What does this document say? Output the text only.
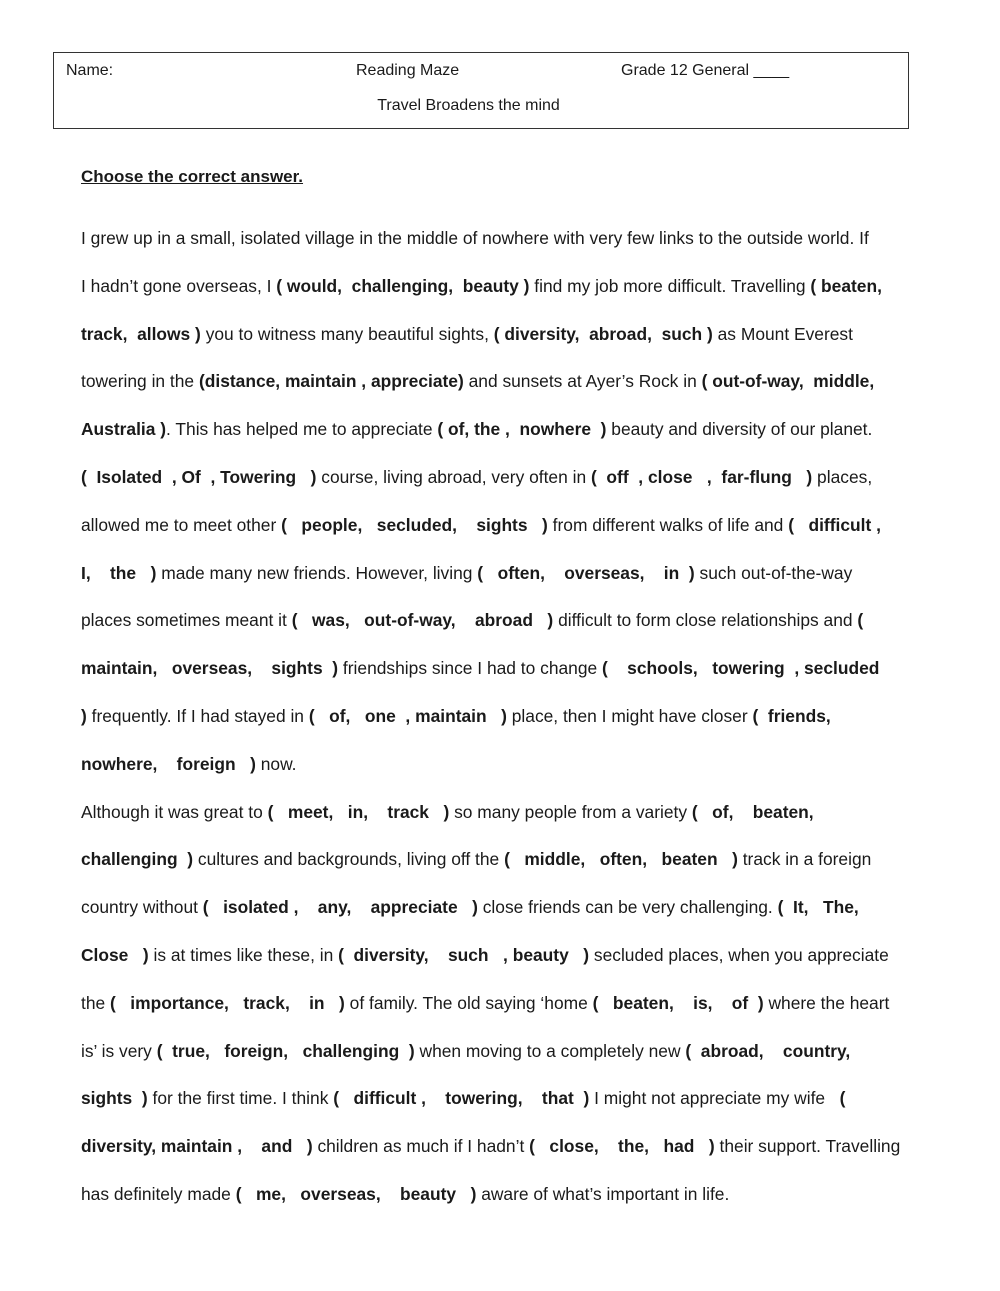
Name:	Reading Maze	Grade 12 General ____
Travel Broadens the mind
Choose the correct answer.
I grew up in a small, isolated village in the middle of nowhere with very few links to the outside world. If
I hadn’t gone overseas, I ( would,  challenging,  beauty ) find my job more difficult. Travelling ( beaten,
track,  allows ) you to witness many beautiful sights, ( diversity,  abroad,  such ) as Mount Everest
towering in the (distance, maintain , appreciate) and sunsets at Ayer’s Rock in ( out-of-way,  middle,
Australia ). This has helped me to appreciate ( of, the ,  nowhere  ) beauty and diversity of our planet.
(  Isolated  , Of  , Towering   ) course, living abroad, very often in (  off  , close   ,  far-flung   ) places,
allowed me to meet other (   people,   secluded,    sights   ) from different walks of life and (   difficult ,
I,    the   ) made many new friends. However, living (   often,    overseas,    in  ) such out-of-the-way
places sometimes meant it (   was,   out-of-way,    abroad   ) difficult to form close relationships and (
maintain,   overseas,    sights  ) friendships since I had to change (    schools,   towering  , secluded
) frequently. If I had stayed in (   of,   one  , maintain   ) place, then I might have closer (  friends,
nowhere,    foreign   ) now.
Although it was great to (   meet,   in,    track   ) so many people from a variety (   of,    beaten,
challenging  ) cultures and backgrounds, living off the (   middle,   often,   beaten   ) track in a foreign
country without (   isolated ,    any,    appreciate   ) close friends can be very challenging. (  It,   The,
Close   ) is at times like these, in (  diversity,    such   , beauty   ) secluded places, when you appreciate
the (   importance,   track,    in   ) of family. The old saying ‘home (   beaten,    is,    of  ) where the heart
is’ is very (  true,   foreign,   challenging  ) when moving to a completely new (  abroad,    country,
sights  ) for the first time. I think (   difficult ,    towering,    that  ) I might not appreciate my wife   (
diversity, maintain ,    and   ) children as much if I hadn’t (   close,    the,   had   ) their support. Travelling
has definitely made (   me,   overseas,    beauty   ) aware of what’s important in life.
